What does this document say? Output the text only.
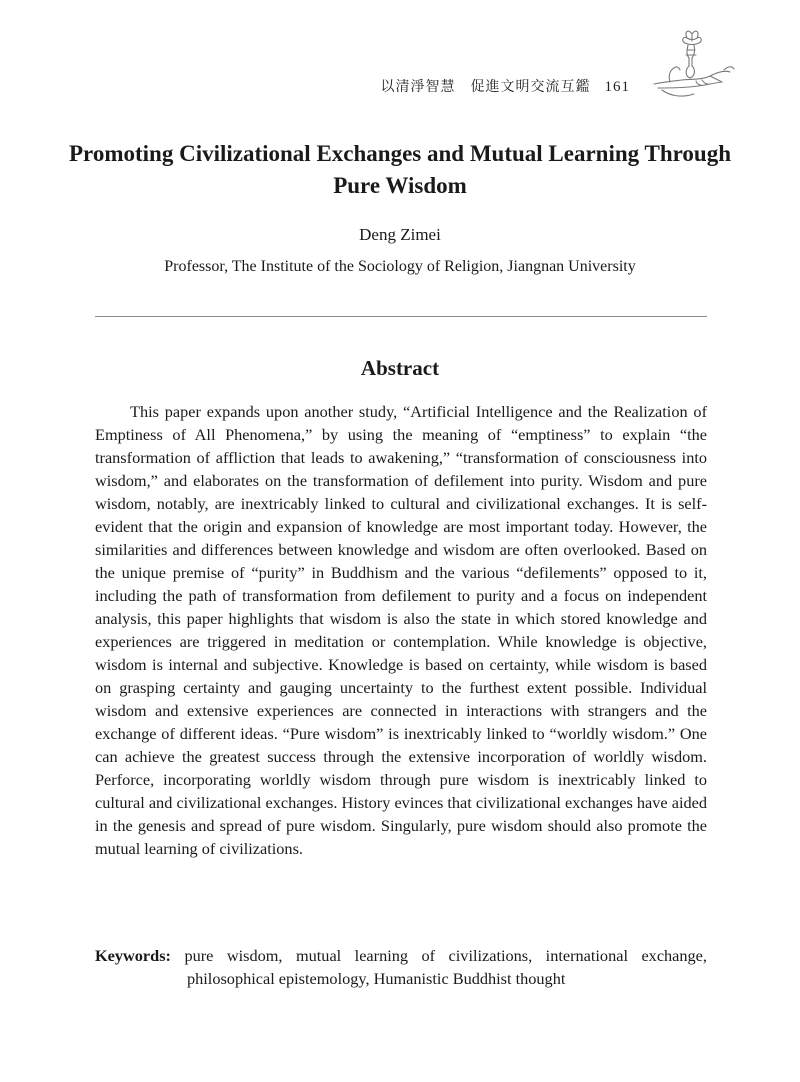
以清淨智慧　促進文明交流互鑑 161
Promoting Civilizational Exchanges and Mutual Learning Through Pure Wisdom
Deng Zimei
Professor, The Institute of the Sociology of Religion, Jiangnan University
Abstract

This paper expands upon another study, “Artificial Intelligence and the Realization of Emptiness of All Phenomena,” by using the meaning of “emptiness” to explain “the transformation of affliction that leads to awakening,” “transformation of consciousness into wisdom,” and elaborates on the transformation of defilement into purity. Wisdom and pure wisdom, notably, are inextricably linked to cultural and civilizational exchanges. It is self-evident that the origin and expansion of knowledge are most important today. However, the similarities and differences between knowledge and wisdom are often overlooked. Based on the unique premise of “purity” in Buddhism and the various “defilements” opposed to it, including the path of transformation from defilement to purity and a focus on independent analysis, this paper highlights that wisdom is also the state in which stored knowledge and experiences are triggered in meditation or contemplation. While knowledge is objective, wisdom is internal and subjective. Knowledge is based on certainty, while wisdom is based on grasping certainty and gauging uncertainty to the furthest extent possible. Individual wisdom and extensive experiences are connected in interactions with strangers and the exchange of different ideas. “Pure wisdom” is inextricably linked to “worldly wisdom.” One can achieve the greatest success through the extensive incorporation of worldly wisdom. Perforce, incorporating worldly wisdom through pure wisdom is inextricably linked to cultural and civilizational exchanges. History evinces that civilizational exchanges have aided in the genesis and spread of pure wisdom. Singularly, pure wisdom should also promote the mutual learning of civilizations.

Keywords: pure wisdom, mutual learning of civilizations, international exchange, philosophical epistemology, Humanistic Buddhist thought
